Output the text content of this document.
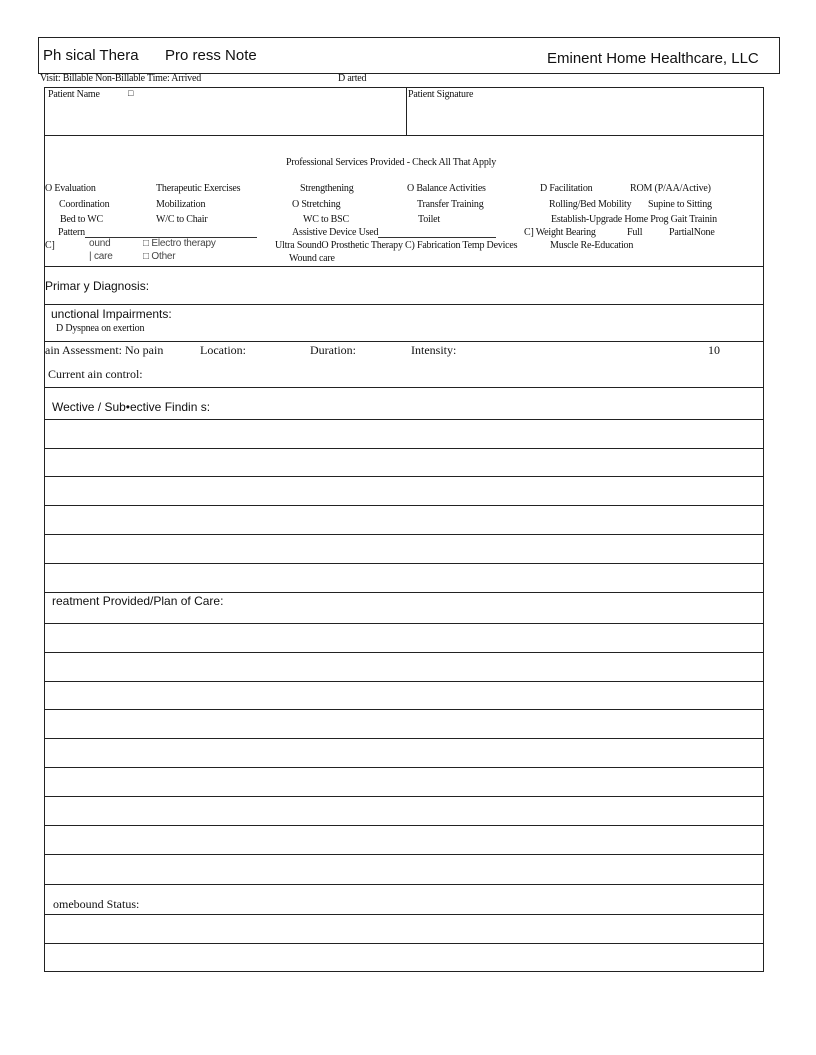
Ph sical Thera Pro ress Note	Eminent Home Healthcare, LLC
Visit: Billable Non-Billable Time: Arrived	D arted
Patient Name	□	Patient Signature
Professional Services Provided - Check All That Apply
O Evaluation	Therapeutic Exercises	Strengthening	O Balance Activities	D Facilitation	ROM (P/AA/Active)
Coordination	Mobilization	O Stretching	Transfer Training	Rolling/Bed Mobility Supine to Sitting
Bed to WC	W/C to Chair	WC to BSC	Toilet	Establish-Upgrade Home Prog Gait Trainin
Pattern	Assistive Device Used	C] Weight Bearing	Full	PartialNone
C]	ound	□ Electro therapy	Ultra SoundO Prosthetic Therapy C) Fabrication Temp Devices	Muscle Re-Education
| care	□ Other	Wound care
Primar y Diagnosis:
unctional Impairments:
D Dyspnea on exertion
ain Assessment: No pain	Location:	Duration:	Intensity:	10
Current ain control:
Wective / Sub•ective Findin s:
reatment Provided/Plan of Care:
omebound Status:
